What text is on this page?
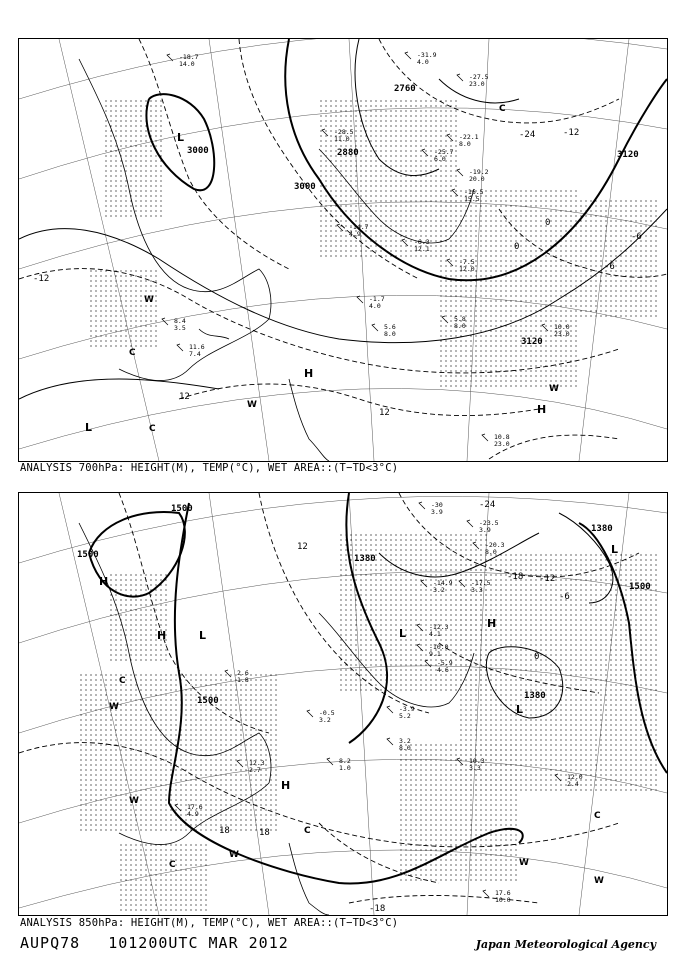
3000
3000
2880
2760
3120
3120
-12
-12
-24
0
-6
-6
12
12
0
L
H
H
L
C
C
C
W
W
W
-18.7 14.0
-31.9 4.0
-27.5 23.0
-22.1 8.0
-28.5 11.0
-25.7 6.0
-19.2 20.0
-16.5 15.5
-14.7 4.9
-6.3 12.1
-7.5 12.0
-1.7 4.0
5.6 8.0
5.8 8.0	10.0 23.0
11.6 7.4
8.4 3.5
10.8 23.0
ANALYSIS 700hPa: HEIGHT(M), TEMP(°C), WET AREA::(T−TD<3°C)
1500
1500
1380
1380
1500
1380
1500
-24
-18 -12
12
-6
0
18	18
-18
H
H	L	L
H
H
L
L
C
C
C
C
W
W
W
W
W
-30 3.9
-23.5 3.9
-20.3 8.0
-17.5 3.3
-14.9 3.2
-12.3 4.1
-10.0 9.1
-5.9 4.6
-3.9 5.2
-0.5 3.2
2.6 1.8
3.2 8.0
8.2 1.0
10.3 3.3
12.0 2.4
17.6 10.0
12.3 2.7
17.6 4.9
ANALYSIS 850hPa: HEIGHT(M), TEMP(°C), WET AREA::(T−TD<3°C)
AUPQ78 101200UTC MAR 2012	Japan Meteorological Agency
